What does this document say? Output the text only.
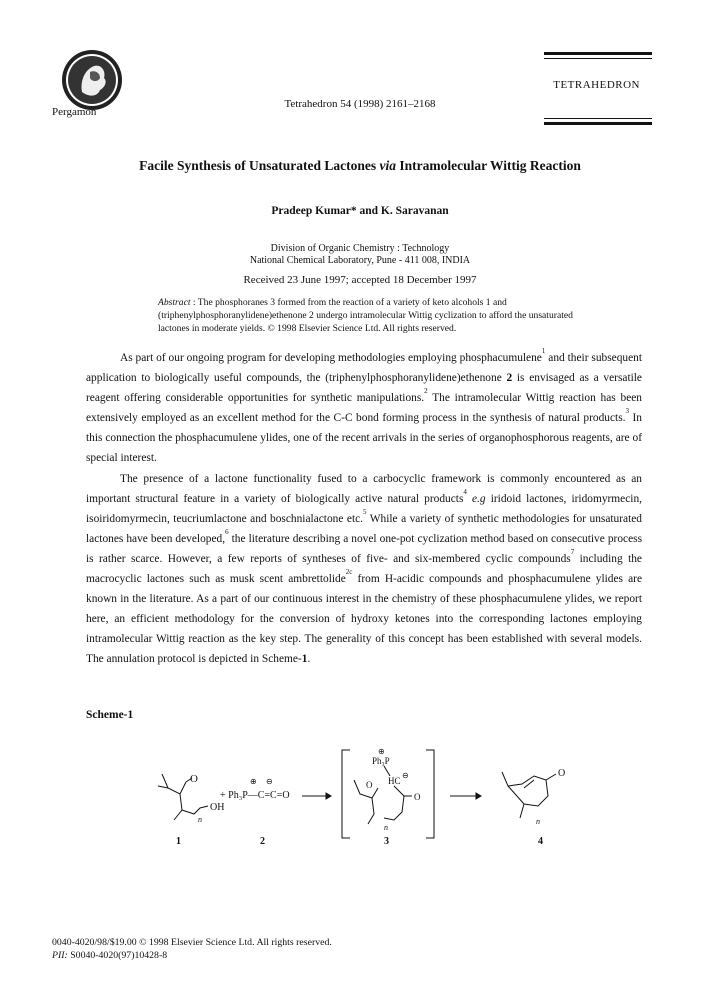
Pergamon
Tetrahedron 54 (1998) 2161–2168
TETRAHEDRON
Facile Synthesis of Unsaturated Lactones via Intramolecular Wittig Reaction
Pradeep Kumar* and K. Saravanan
Division of Organic Chemistry : Technology
National Chemical Laboratory, Pune - 411 008, INDIA
Received 23 June 1997; accepted 18 December 1997
Abstract : The phosphoranes 3 formed from the reaction of a variety of keto alcohols 1 and (triphenylphosphoranylidene)ethenone 2 undergo intramolecular Wittig cyclization to afford the unsaturated lactones in moderate yields. © 1998 Elsevier Science Ltd. All rights reserved.

As part of our ongoing program for developing methodologies employing phosphacumulene$^1$ and their subsequent application to biologically useful compounds, the (triphenylphosphoranylidene)ethenone 2 is envisaged as a versatile reagent offering considerable opportunities for synthetic manipulations.$^2$ The intramolecular Wittig reaction has been extensively employed as an excellent method for the C-C bond forming process in the synthesis of natural products.$^3$ In this connection the phosphacumulene ylides, one of the recent arrivals in the series of organophosphorous reagents, are of special interest.

The presence of a lactone functionality fused to a carbocyclic framework is commonly encountered as an important structural feature in a variety of biologically active natural products$^4$ e.g iridoid lactones, iridomyrmecin, isoiridomyrmecin, teucriumlactone and boschnialactone etc.$^5$ While a variety of synthetic methodologies for unsaturated lactones have been developed,$^6$ the literature describing a novel one-pot cyclization method based on consecutive process is rather scarce. However, a few reports of syntheses of five- and six-membered cyclic compounds$^7$ including the macrocyclic lactones such as musk scent ambrettolide$^{2c}$ from H-acidic compounds and phosphacumulene ylides are known in the literature. As a part of our continuous interest in the chemistry of these phosphacumulene ylides, we report here, an efficient methodology for the conversion of hydroxy ketones into the corresponding lactones employing intramolecular Wittig reaction as the key step. The generality of this concept has been established with several models. The annulation protocol is depicted in Scheme-1.

Scheme-1
O
OH
n
1
+ Ph₃P—C=C=O
⊕ ⊖
2
Ph₃P
⊕
HC
⊖
O
O
n
3
O
n
4
0040-4020/98/$19.00 © 1998 Elsevier Science Ltd. All rights reserved.
PII: S0040-4020(97)10428-8
